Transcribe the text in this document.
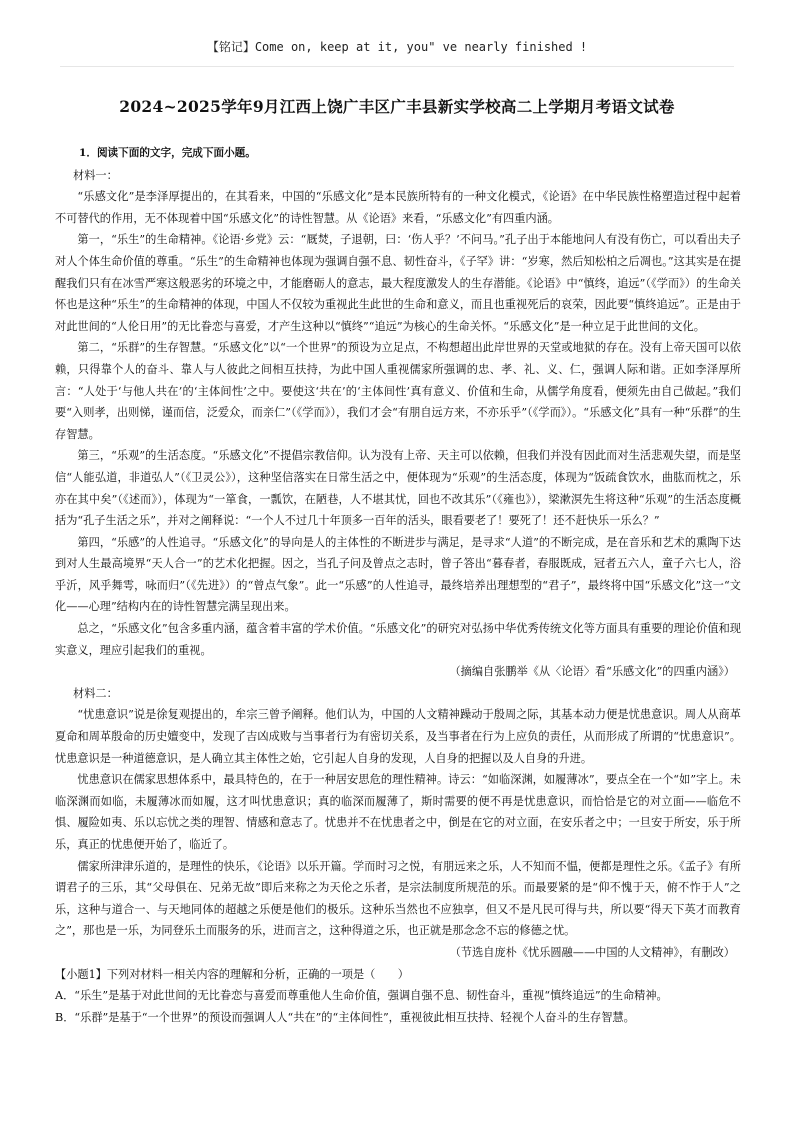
【铭记】Come on, keep at it, you" ve nearly finished !
2024~2025学年9月江西上饶广丰区广丰县新实学校高二上学期月考语文试卷

1．阅读下面的文字，完成下面小题。

材料一：

“乐感文化”是李泽厚提出的，在其看来，中国的“乐感文化”是本民族所特有的一种文化模式，《论语》在中华民族性格塑造过程中起着不可替代的作用，无不体现着中国“乐感文化”的诗性智慧。从《论语》来看，“乐感文化”有四重内涵。

第一，“乐生”的生命精神。《论语·乡党》云：“厩焚，子退朝，曰：‘伤人乎？’不问马。”孔子出于本能地问人有没有伤亡，可以看出夫子对人个体生命价值的尊重。“乐生”的生命精神也体现为强调自强不息、韧性奋斗，《子罕》讲：“岁寒，然后知松柏之后凋也。”这其实是在提醒我们只有在冰雪严寒这般恶劣的环境之中，才能磨砺人的意志，最大程度激发人的生存潜能。《论语》中“慎终，追远”（《学而》）的生命关怀也是这种“乐生”的生命精神的体现，中国人不仅较为重视此生此世的生命和意义，而且也重视死后的哀荣，因此要“慎终追远”。正是由于对此世间的“人伦日用”的无比眷恋与喜爱，才产生这种以“慎终”“追远”为核心的生命关怀。“乐感文化”是一种立足于此世间的文化。

第二，“乐群”的生存智慧。“乐感文化”以“一个世界”的预设为立足点，不构想超出此岸世界的天堂或地狱的存在。没有上帝天国可以依赖，只得靠个人的奋斗、靠人与人彼此之间相互扶持，为此中国人重视儒家所强调的忠、孝、礼、义、仁，强调人际和谐。正如李泽厚所言：“人处于‘与他人共在’的‘主体间性’之中。要使这‘共在’的‘主体间性’真有意义、价值和生命，从儒学角度看，便须先由自己做起。”我们要“入则孝，出则悌，谨而信，泛爱众，而亲仁”（《学而》），我们才会“有朋自远方来，不亦乐乎”（《学而》）。“乐感文化”具有一种“乐群”的生存智慧。

第三，“乐观”的生活态度。“乐感文化”不提倡宗教信仰。认为没有上帝、天主可以依赖，但我们并没有因此而对生活悲观失望，而是坚信“人能弘道，非道弘人”（《卫灵公》），这种坚信落实在日常生活之中，便体现为“乐观”的生活态度，体现为“饭疏食饮水，曲肱而枕之，乐亦在其中矣”（《述而》），体现为“一箪食，一瓢饮，在陋巷，人不堪其忧，回也不改其乐”（《雍也》），梁漱溟先生将这种“乐观”的生活态度概括为“孔子生活之乐”，并对之阐释说：“一个人不过几十年顶多一百年的活头，眼看要老了！要死了！还不赶快乐一乐么？”

第四，“乐感”的人性追寻。“乐感文化”的导向是人的主体性的不断进步与满足，是寻求“人道”的不断完成，是在音乐和艺术的熏陶下达到对人生最高境界“天人合一”的艺术化把握。因之，当孔子问及曾点之志时，曾子答出“暮春者，春服既成，冠者五六人，童子六七人，浴乎沂，风乎舞雩，咏而归”（《先进》）的“曾点气象”。此一“乐感”的人性追寻，最终培养出理想型的“君子”，最终将中国“乐感文化”这一“文化——心理”结构内在的诗性智慧完满呈现出来。

总之，“乐感文化”包含多重内涵，蕴含着丰富的学术价值。“乐感文化”的研究对弘扬中华优秀传统文化等方面具有重要的理论价值和现实意义，理应引起我们的重视。

（摘编自张鹏举《从〈论语〉看“乐感文化”的四重内涵》）

材料二：

“忧患意识”说是徐复观提出的，牟宗三曾予阐释。他们认为，中国的人文精神躁动于殷周之际，其基本动力便是忧患意识。周人从商革夏命和周革殷命的历史嬗变中，发现了吉凶成败与当事者行为有密切关系，及当事者在行为上应负的责任，从而形成了所谓的“忧患意识”。忧患意识是一种道德意识，是人确立其主体性之始，它引起人自身的发现，人自身的把握以及人自身的升进。

忧患意识在儒家思想体系中，最具特色的，在于一种居安思危的理性精神。诗云：“如临深渊，如履薄冰”，要点全在一个“如”字上。未临深渊而如临，未履薄冰而如履，这才叫忧患意识；真的临深而履薄了，斯时需要的便不再是忧患意识，而恰恰是它的对立面——临危不惧、履险如夷、乐以忘忧之类的理智、情感和意志了。忧患并不在忧患者之中，倒是在它的对立面，在安乐者之中；一旦安于所安，乐于所乐，真正的忧患便开始了，临近了。

儒家所津津乐道的，是理性的快乐，《论语》以乐开篇。学而时习之悦，有朋远来之乐，人不知而不愠，便都是理性之乐。《孟子》有所谓君子的三乐，其“父母俱在、兄弟无故”即后来称之为天伦之乐者，是宗法制度所规范的乐。而最要紧的是“仰不愧于天，俯不怍于人”之乐，这种与道合一、与天地同体的超越之乐便是他们的极乐。这种乐当然也不应独享，但又不是凡民可得与共，所以要“得天下英才而教育之”，那也是一乐，为同登乐土而服务的乐，进而言之，这种得道之乐，也正就是那念念不忘的修德之忧。

（节选自庞朴《忧乐圆融——中国的人文精神》，有删改）

【小题1】下列对材料一相关内容的理解和分析，正确的一项是（　　）

A．“乐生”是基于对此世间的无比眷恋与喜爱而尊重他人生命价值，强调自强不息、韧性奋斗，重视“慎终追远”的生命精神。

B．“乐群”是基于“一个世界”的预设而强调人人“共在”的“主体间性”，重视彼此相互扶持、轻视个人奋斗的生存智慧。
